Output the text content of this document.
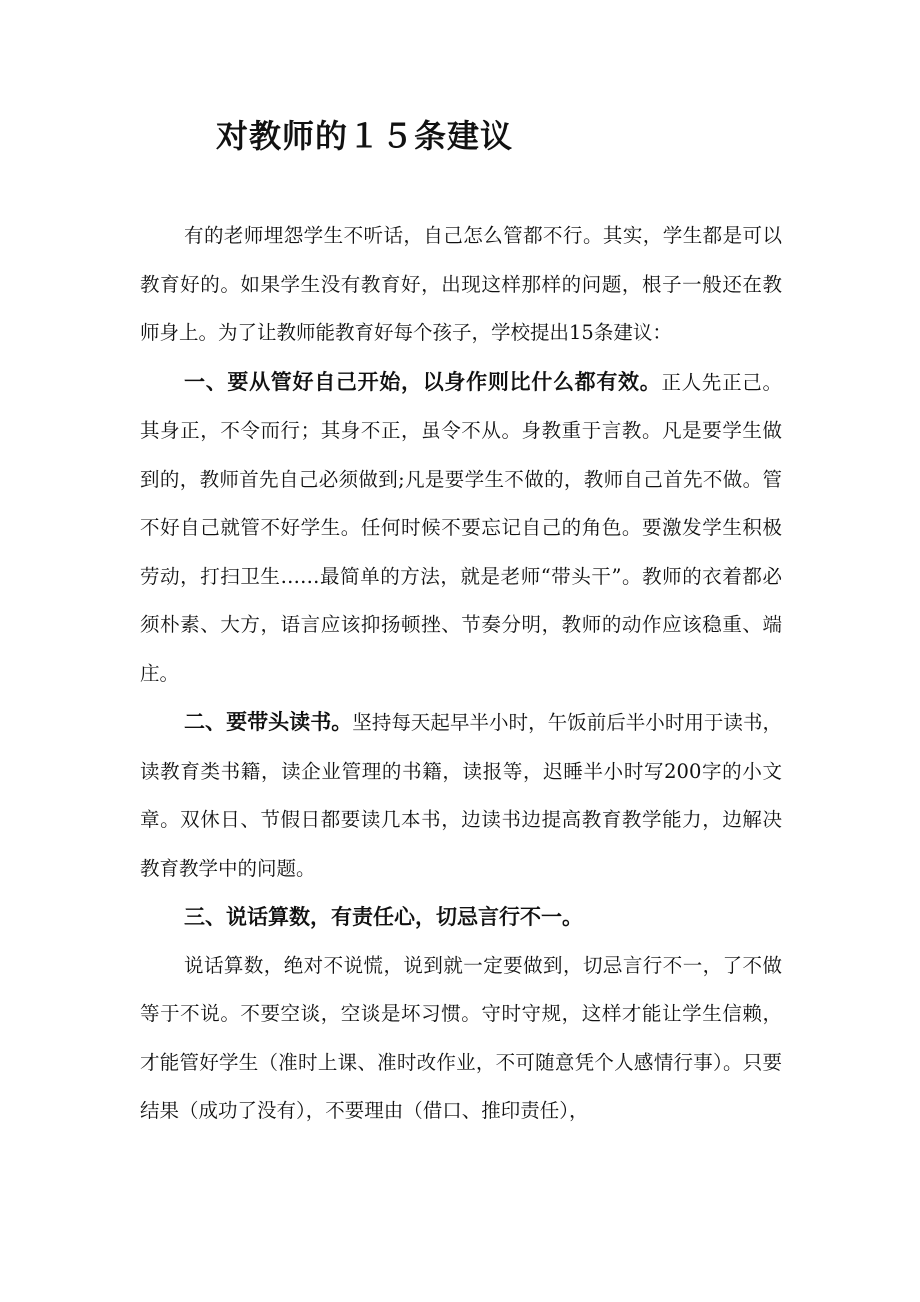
对教师的１５条建议

有的老师埋怨学生不听话，自己怎么管都不行。其实，学生都是可以教育好的。如果学生没有教育好，出现这样那样的问题，根子一般还在教师身上。为了让教师能教育好每个孩子，学校提出15条建议：

一、要从管好自己开始，以身作则比什么都有效。正人先正己。其身正，不令而行；其身不正，虽令不从。身教重于言教。凡是要学生做到的，教师首先自己必须做到;凡是要学生不做的，教师自己首先不做。管不好自己就管不好学生。任何时候不要忘记自己的角色。要激发学生积极劳动，打扫卫生……最简单的方法，就是老师“带头干”。教师的衣着都必须朴素、大方，语言应该抑扬顿挫、节奏分明，教师的动作应该稳重、端庄。

二、要带头读书。坚持每天起早半小时，午饭前后半小时用于读书，读教育类书籍，读企业管理的书籍，读报等，迟睡半小时写200字的小文章。双休日、节假日都要读几本书，边读书边提高教育教学能力，边解决教育教学中的问题。

三、说话算数，有责任心，切忌言行不一。

说话算数，绝对不说慌，说到就一定要做到，切忌言行不一，了不做等于不说。不要空谈，空谈是坏习惯。守时守规，这样才能让学生信赖，才能管好学生（准时上课、准时改作业，不可随意凭个人感情行事）。只要结果（成功了没有），不要理由（借口、推印责任），
